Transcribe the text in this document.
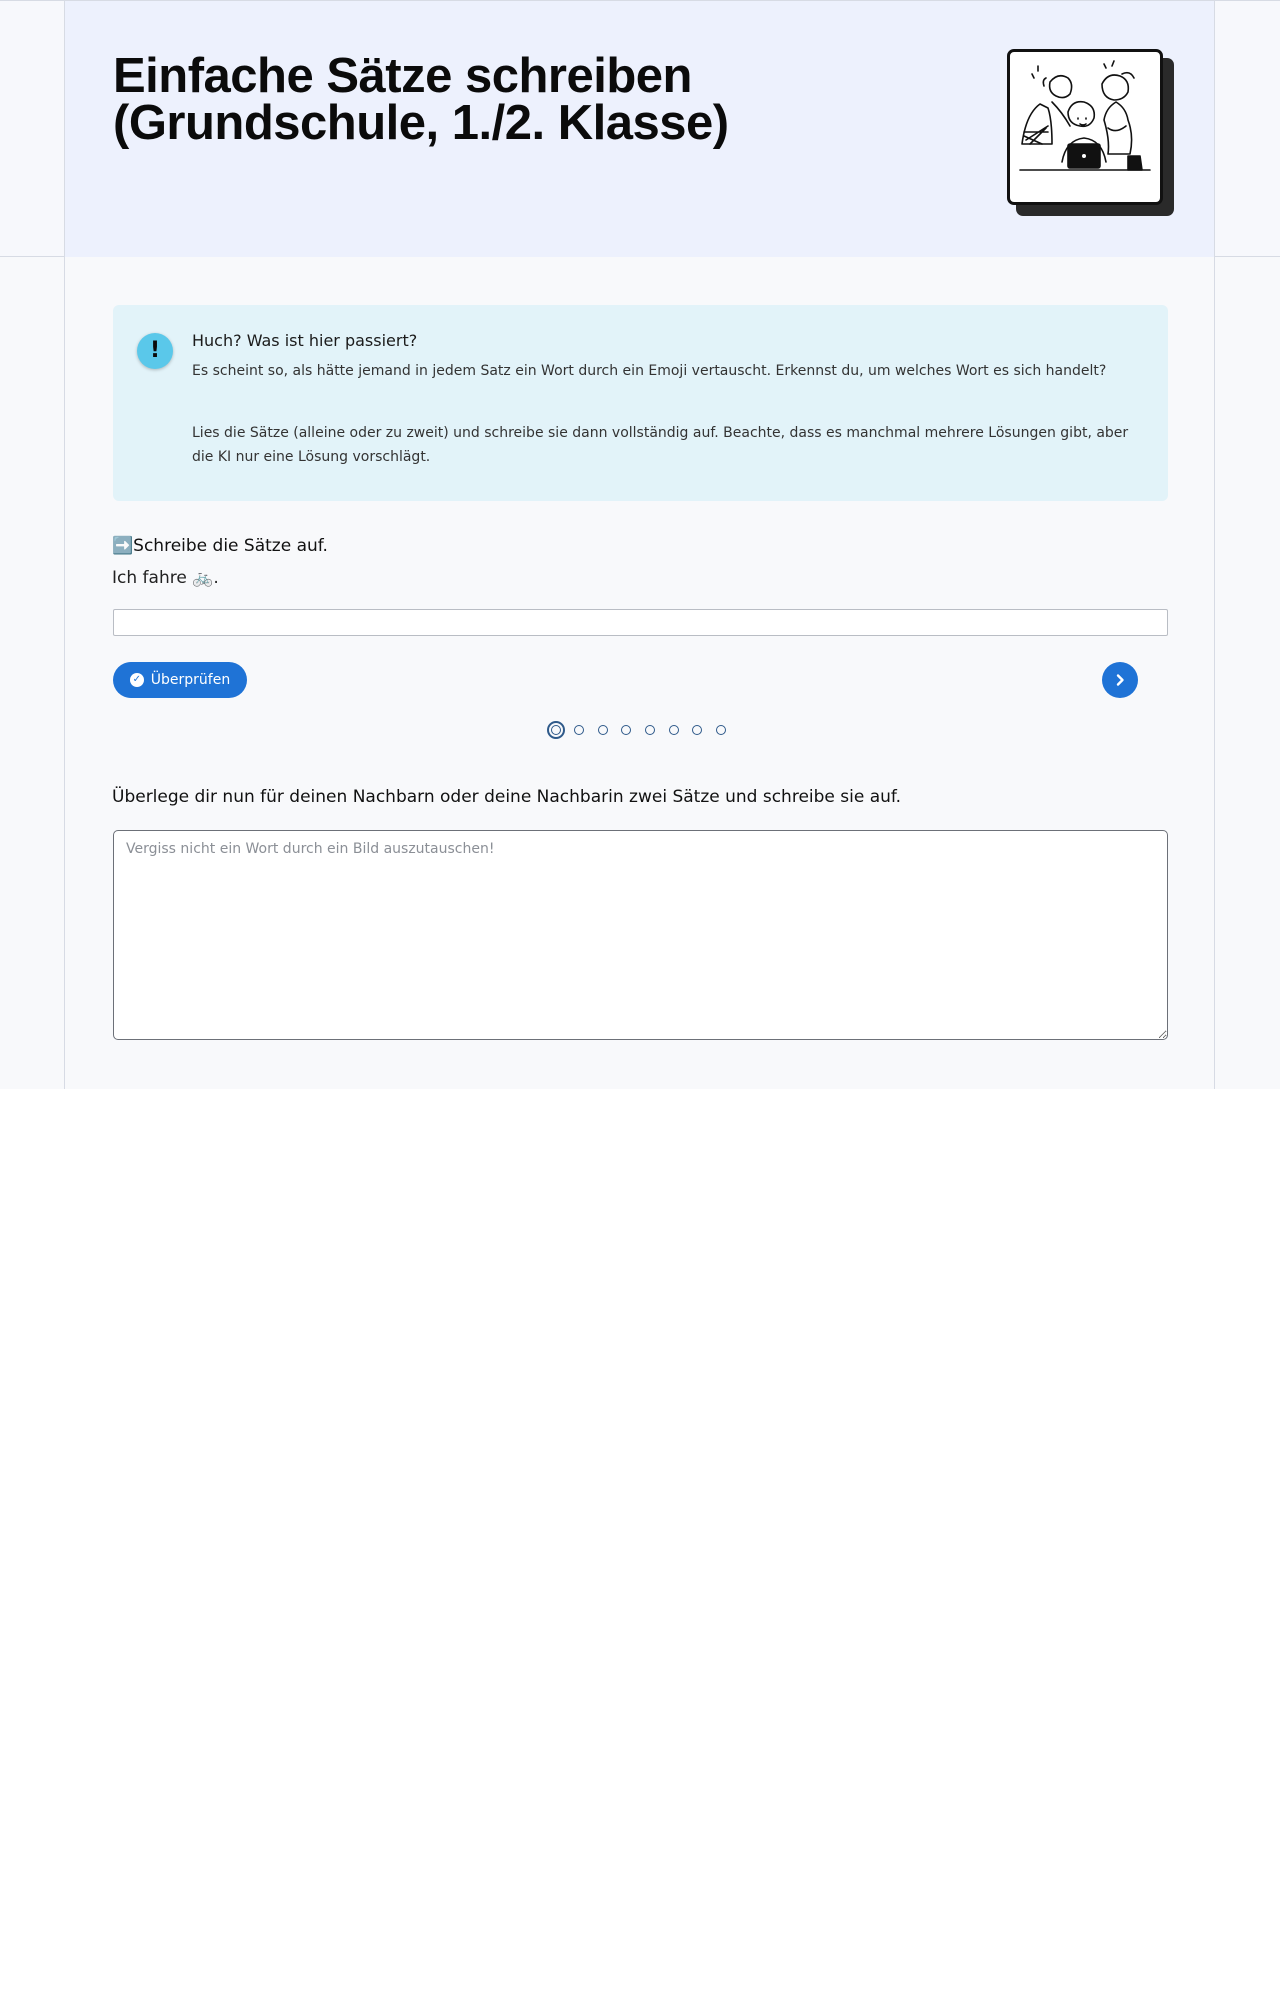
Einfache Sätze schreiben (Grundschule, 1./2. Klasse)
!	Huch? Was ist hier passiert?
Es scheint so, als hätte jemand in jedem Satz ein Wort durch ein Emoji vertauscht. Erkennst du, um welches Wort es sich handelt?
Lies die Sätze (alleine oder zu zweit) und schreibe sie dann vollständig auf. Beachte, dass es manchmal mehrere Lösungen gibt, aber die KI nur eine Lösung vorschlägt.
➡️Schreibe die Sätze auf.
Ich fahre 🚲.
✓ Überprüfen
Überlege dir nun für deinen Nachbarn oder deine Nachbarin zwei Sätze und schreibe sie auf.
Vergiss nicht ein Wort durch ein Bild auszutauschen!
